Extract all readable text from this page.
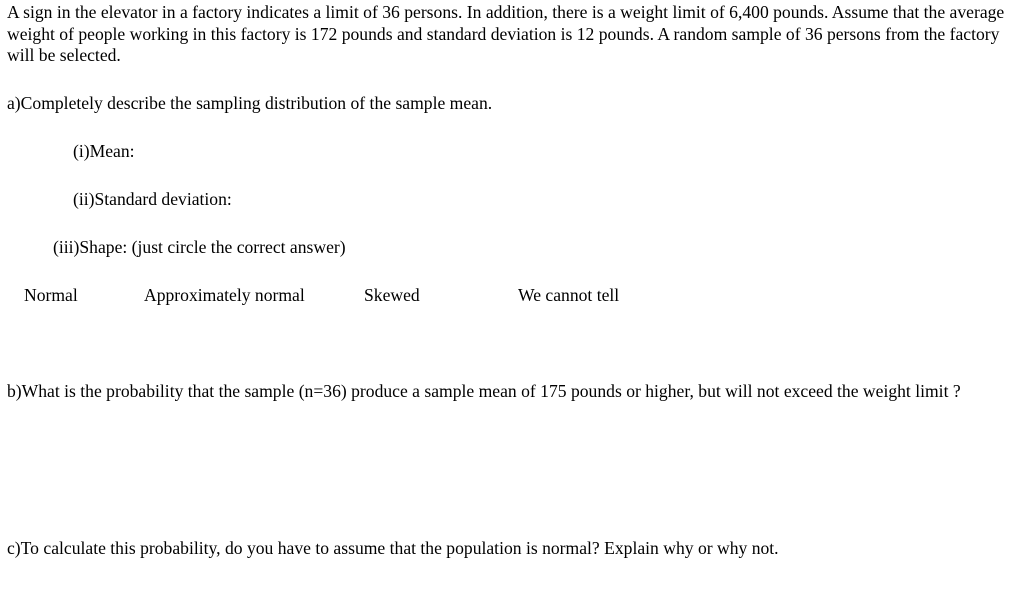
A sign in the elevator in a factory indicates a limit of 36 persons. In addition, there is a weight limit of 6,400 pounds. Assume that the average weight of people working in this factory is 172 pounds and standard deviation is 12 pounds. A random sample of 36 persons from the factory will be selected.

a)Completely describe the sampling distribution of the sample mean.

(i)Mean:

(ii)Standard deviation:

(iii)Shape: (just circle the correct answer)

Normal	Approximately normal	Skewed	We cannot tell

b)What is the probability that the sample (n=36) produce a sample mean of 175 pounds or higher, but will not exceed the weight limit ?

c)To calculate this probability, do you have to assume that the population is normal? Explain why or why not.
